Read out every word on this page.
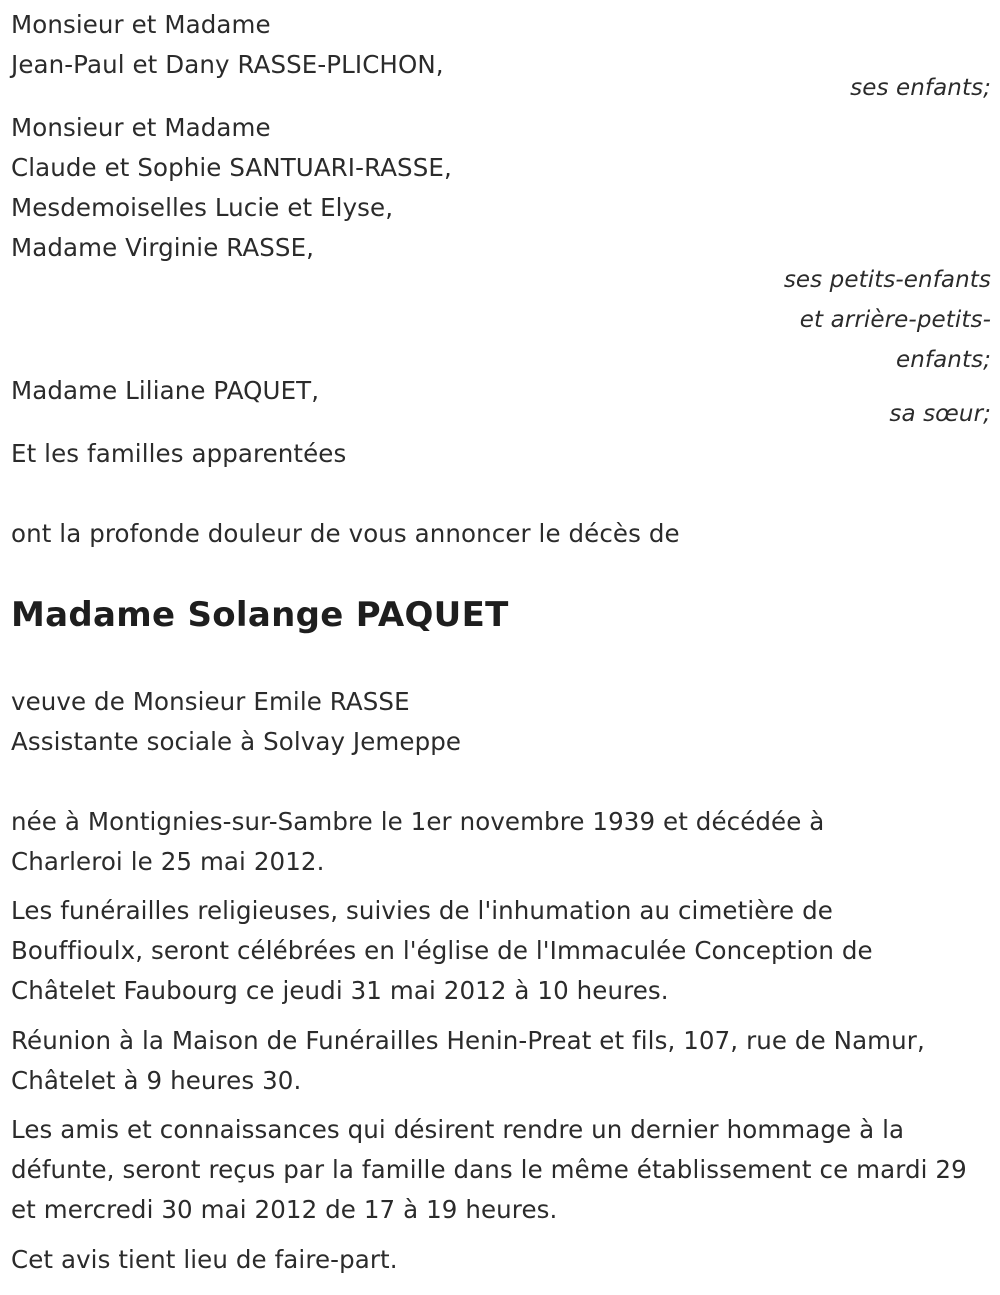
Monsieur et Madame
Jean-Paul et Dany RASSE-PLICHON,
ses enfants;
Monsieur et Madame
Claude et Sophie SANTUARI-RASSE,
Mesdemoiselles Lucie et Elyse,
Madame Virginie RASSE,
ses petits-enfants
et arrière-petits-
enfants;
Madame Liliane PAQUET,
sa sœur;
Et les familles apparentées
ont la profonde douleur de vous annoncer le décès de
Madame Solange PAQUET
veuve de Monsieur Emile RASSE
Assistante sociale à Solvay Jemeppe
née à Montignies-sur-Sambre le 1er novembre 1939 et décédée à Charleroi le 25 mai 2012.
Les funérailles religieuses, suivies de l'inhumation au cimetière de Bouffioulx, seront célébrées en l'église de l'Immaculée Conception de Châtelet Faubourg ce jeudi 31 mai 2012 à 10 heures.
Réunion à la Maison de Funérailles Henin-Preat et fils, 107, rue de Namur, Châtelet à 9 heures 30.
Les amis et connaissances qui désirent rendre un dernier hommage à la défunte, seront reçus par la famille dans le même établissement ce mardi 29 et mercredi 30 mai 2012 de 17 à 19 heures.
Cet avis tient lieu de faire-part.
